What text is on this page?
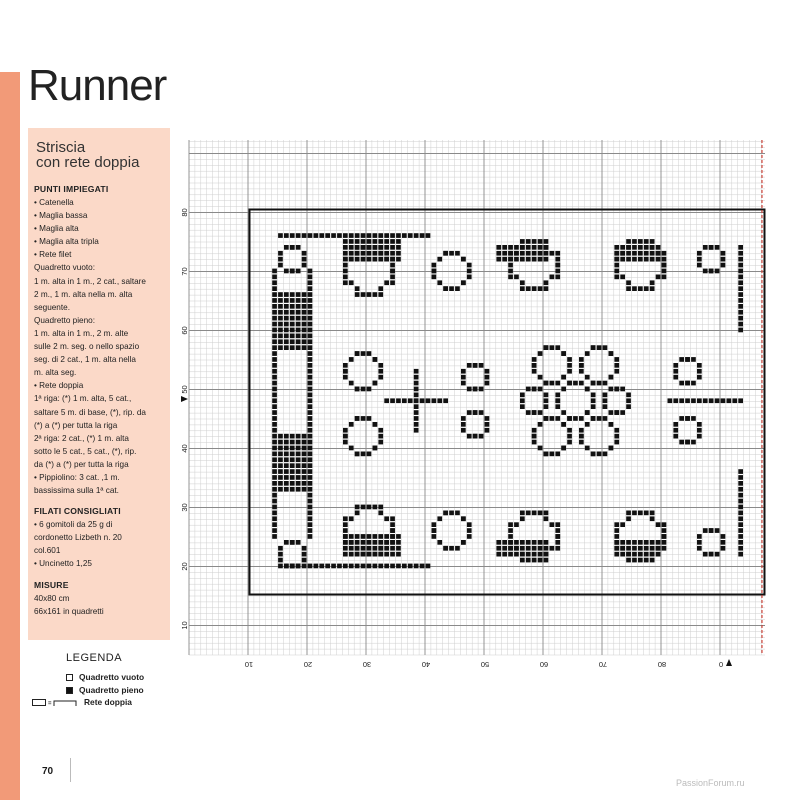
Runner

Striscia
con rete doppia

PUNTI IMPIEGATI

• Catenella

• Maglia bassa

• Maglia alta

• Maglia alta tripla

• Rete filet

Quadretto vuoto:

1 m. alta in 1 m., 2 cat., saltare

2 m., 1 m. alta nella m. alta

seguente.

Quadretto pieno:

1 m. alta in 1 m., 2 m. alte

sulle 2 m. seg. o nello spazio

seg. di 2 cat., 1 m. alta nella

m. alta seg.

• Rete doppia

1ª riga: (*) 1 m. alta, 5 cat.,

saltare 5 m. di base, (*), rip. da

(*) a (*) per tutta la riga

2ª riga: 2 cat., (*) 1 m. alta

sotto le 5 cat., 5 cat., (*), rip.

da (*) a (*) per tutta la riga

• Pippiolino: 3 cat. ,1 m.

bassissima sulla 1ª cat.

FILATI CONSIGLIATI

• 6 gomitoli da 25 g di

cordonetto Lizbeth n. 20

col.601

• Uncinetto 1,25

MISURE

40x80 cm

66x161 in quadretti

LEGENDA
Quadretto vuoto
Quadretto pieno
=	Rete doppia
10
20
30
40
50
60
70
80
10	20	30	40	50	60	70	80	0
70
PassionForum.ru
